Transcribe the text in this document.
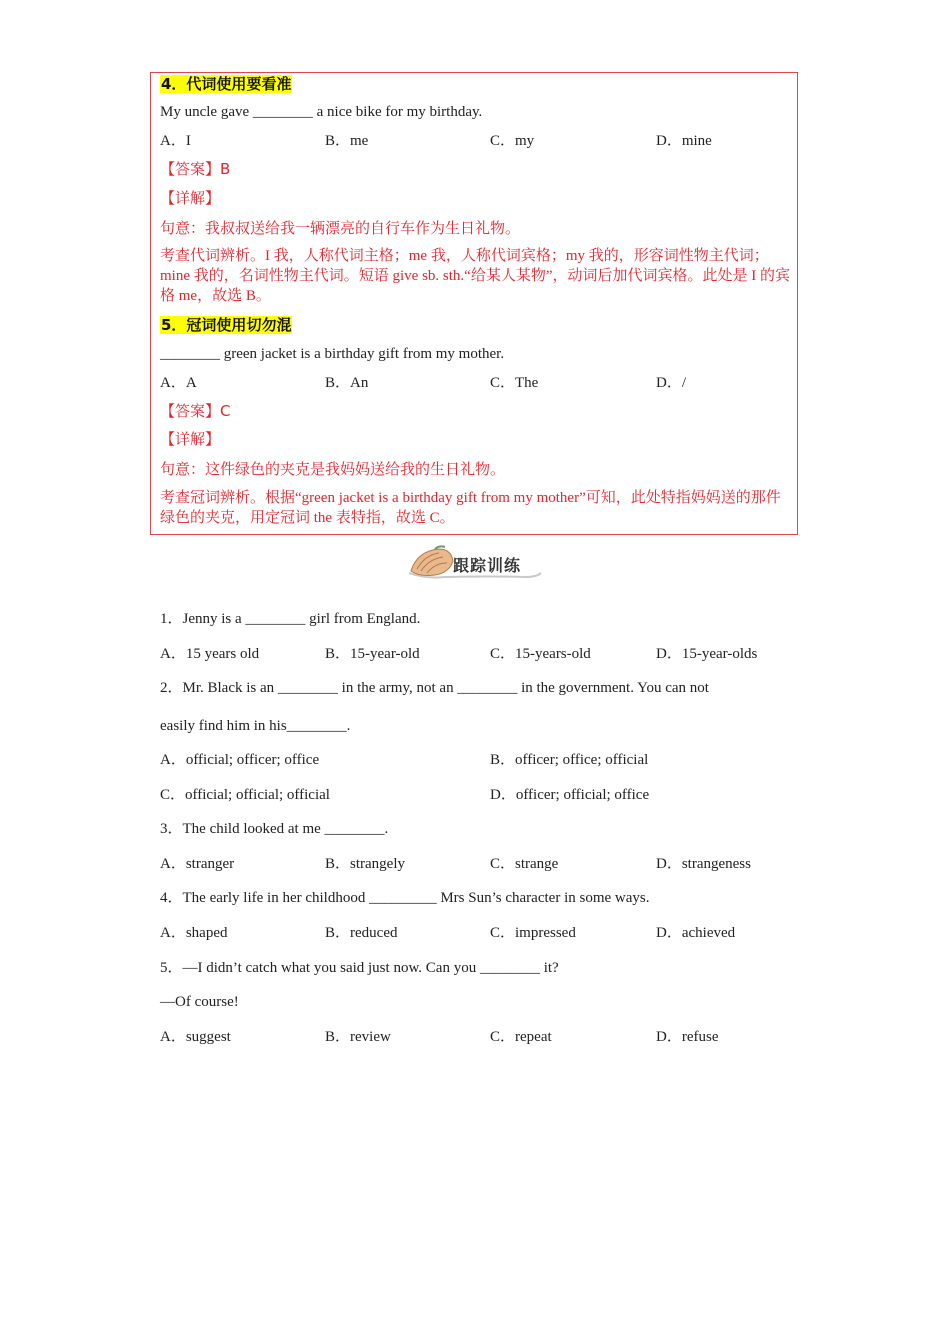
4．代词使用要看准
My uncle gave ________ a nice bike for my birthday.
A．I	B．me	C．my	D．mine
【答案】B
【详解】
句意：我叔叔送给我一辆漂亮的自行车作为生日礼物。
考查代词辨析。I 我，人称代词主格；me 我，人称代词宾格；my 我的，形容词性物主代词；mine 我的，名词性物主代词。短语 give sb. sth.“给某人某物”，动词后加代词宾格。此处是 I 的宾格 me，故选 B。
5．冠词使用切勿混
________ green jacket is a birthday gift from my mother.
A．A	B．An	C．The	D．/
【答案】C
【详解】
句意：这件绿色的夹克是我妈妈送给我的生日礼物。
考查冠词辨析。根据“green jacket is a birthday gift from my mother”可知，此处特指妈妈送的那件绿色的夹克，用定冠词 the 表特指，故选 C。
跟踪训练
1．Jenny is a ________ girl from England.
A．15 years old	B．15-year-old	C．15-years-old	D．15-year-olds
2．Mr. Black is an ________ in the army, not an ________ in the government. You can not
easily find him in his________.
A．official; officer; office	B．officer; office; official
C．official; official; official	D．officer; official; office
3．The child looked at me ________.
A．stranger	B．strangely	C．strange	D．strangeness
4．The early life in her childhood _________ Mrs Sun’s character in some ways.
A．shaped	B．reduced	C．impressed	D．achieved
5．—I didn’t catch what you said just now. Can you ________ it?
—Of course!
A．suggest	B．review	C．repeat	D．refuse
